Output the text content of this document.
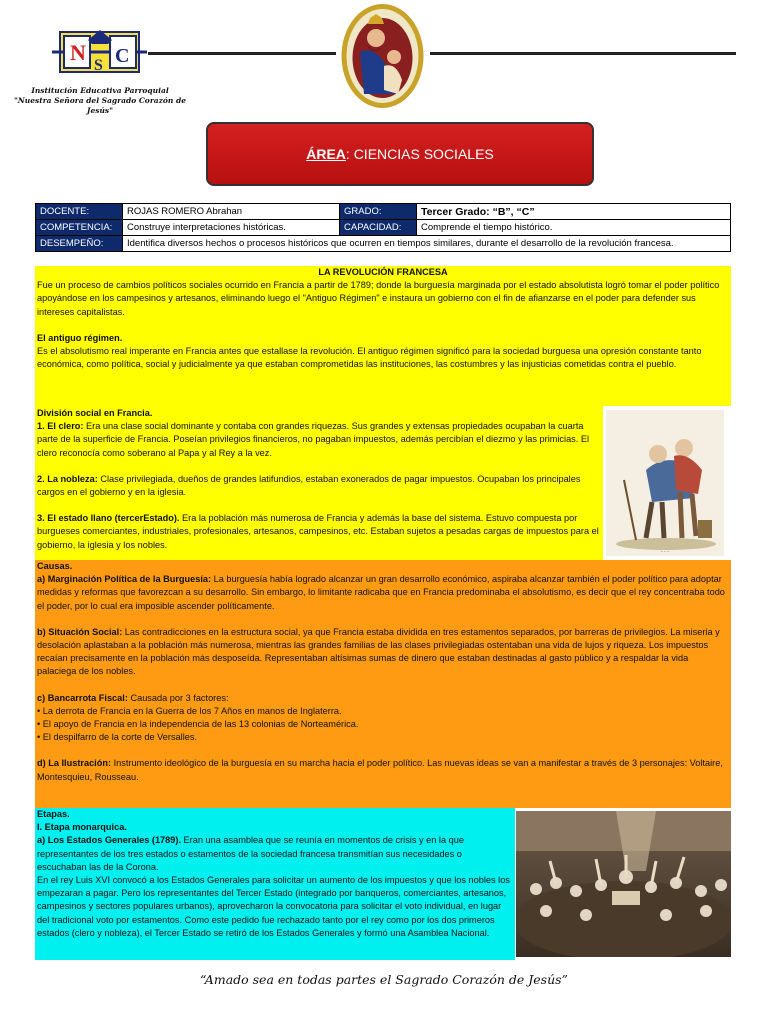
N
S C
Institución Educativa Parroquial
"Nuestra Señora del Sagrado Corazón de Jesús"
ÁREA : CIENCIAS SOCIALES
DOCENTE:	ROJAS ROMERO Abrahan	GRADO:	Tercer Grado: “B”, “C”
COMPETENCIA:	Construye interpretaciones históricas.	CAPACIDAD:	Comprende el tiempo histórico.
DESEMPEÑO:	Identifica diversos hechos o procesos históricos que ocurren en tiempos similares, durante el desarrollo de la revolución francesa.		

LA REVOLUCIÓN FRANCESA

Fue un proceso de cambios políticos sociales ocurrido en Francia a partir de 1789; donde la burguesía marginada por el estado absolutista logró tomar el poder político apoyándose en los campesinos y artesanos, eliminando luego el "Antiguo Régimen" e instaura un gobierno con el fin de afianzarse en el poder para defender sus intereses capitalistas.

El antiguo régimen.

Es el absolutismo real imperante en Francia antes que estallase la revolución. El antiguo régimen significó para la sociedad burguesa una opresión constante tanto económica, como política, social y judicialmente ya que estaban comprometidas las instituciones, las costumbres y las injusticias cometidas contra el pueblo.

División social en Francia.

1. El clero: Era una clase social dominante y contaba con grandes riquezas. Sus grandes y extensas propiedades ocupaban la cuarta parte de la superficie de Francia. Poseían privilegios financieros, no pagaban impuestos, además percibían el diezmo y las primicias. El clero reconocía como soberano al Papa y al Rey a la vez.

2. La nobleza: Clase privilegiada, dueños de grandes latifundios, estaban exonerados de pagar impuestos. Ocupaban los principales cargos en el gobierno y en la iglesia.

3. El estado llano (tercerEstado). Era la población más numerosa de Francia y además la base del sistema. Estuvo compuesta por burgueses comerciantes, industriales, profesionales, artesanos, campesinos, etc. Estaban sujetos a pesadas cargas de impuestos para el gobierno, la iglesia y los nobles.

~ ~ ~

Causas.

a) Marginación Política de la Burguesía: La burguesía había logrado alcanzar un gran desarrollo económico, aspiraba alcanzar también el poder político para adoptar medidas y reformas que favorezcan a su desarrollo. Sin embargo, lo limitante radicaba que en Francia predominaba el absolutismo, es decir que el rey concentraba todo el poder, por lo cual era imposible ascender políticamente.

b) Situación Social: Las contradicciones en la estructura social, ya que Francia estaba dividida en tres estamentos separados, por barreras de privilegios. La miseria y desolación aplastaban a la población más numerosa, mientras las grandes familias de las clases privilegiadas ostentaban una vida de lujos y riqueza. Los impuestos recaían precisamente en la población más desposeída. Representaban altísimas sumas de dinero que estaban destinadas al gasto público y a respaldar la vida palaciega de los nobles.

c) Bancarrota Fiscal: Causada por 3 factores:

• La derrota de Francia en la Guerra de los 7 Años en manos de Inglaterra.

• El apoyo de Francia en la independencia de las 13 colonias de Norteamérica.

• El despilfarro de la corte de Versalles.

d) La Ilustración: Instrumento ideológico de la burguesía en su marcha hacia el poder político. Las nuevas ideas se van a manifestar a través de 3 personajes: Voltaire, Montesquieu, Rousseau.

Etapas.

I. Etapa monarquica.

a) Los Estados Generales (1789). Eran una asamblea que se reunía en momentos de crisis y en la que representantes de los tres estados o estamentos de la sociedad francesa transmitían sus necesidades o escuchaban las de la Corona.

En el rey Luis XVI convocó a los Estados Generales para solicitar un aumento de los impuestos y que los nobles los empezaran a pagar. Pero los representantes del Tercer Estado (integrado por banqueros, comerciantes, artesanos, campesinos y sectores populares urbanos), aprovecharon la convocatoria para solicitar el voto individual, en lugar del tradicional voto por estamentos. Como este pedido fue rechazado tanto por el rey como por los dos primeros estados (clero y nobleza), el Tercer Estado se retiró de los Estados Generales y formó una Asamblea Nacional.

“Amado sea en todas partes el Sagrado Corazón de Jesús”
